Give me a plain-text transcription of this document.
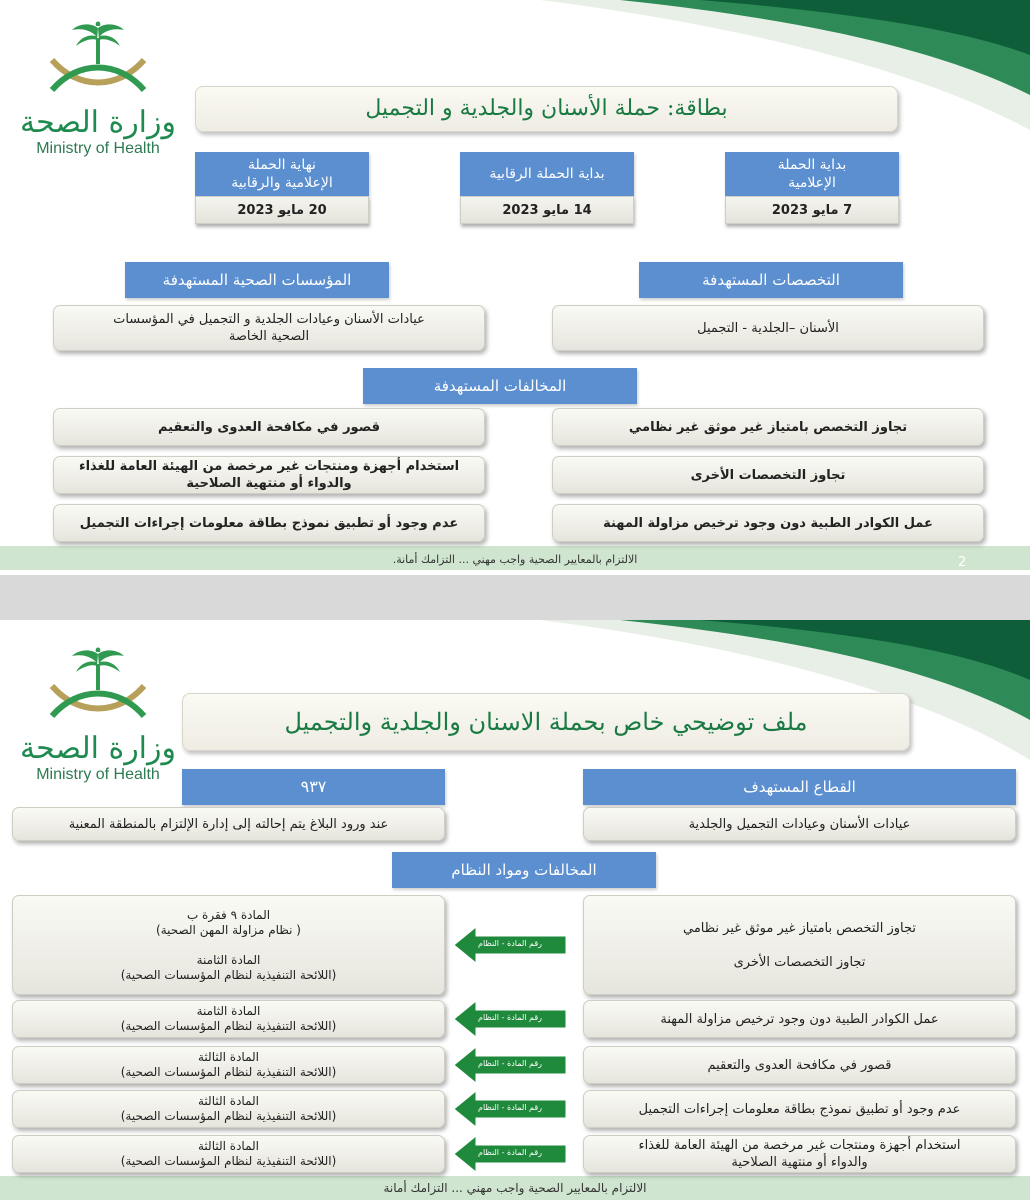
وزارة الصحة
Ministry of Health
بطاقة: حملة الأسنان والجلدية و التجميل
التخصصات المستهدفة
الأسنان –الجلدية - التجميل
المؤسسات الصحية المستهدفة
عيادات الأسنان وعيادات الجلدية و التجميل في المؤسسات
الصحية الخاصة
المخالفات المستهدفة
الالتزام بالمعايير الصحية واجب مهني ... التزامك أمانة.	2
بداية الحملة
الإعلامية
7 مايو 2023
بداية الحملة الرقابية
14 مايو 2023
نهاية الحملة
الإعلامية والرقابية
20 مايو 2023
تجاوز التخصص بامتياز غير موثق غير نظامي
تجاوز التخصصات الأخرى
عمل الكوادر الطبية دون وجود ترخيص مزاولة المهنة
قصور في مكافحة العدوى والتعقيم
استخدام أجهزة ومنتجات غير مرخصة من الهيئة العامة للغذاء
والدواء أو منتهية الصلاحية
عدم وجود أو تطبيق نموذج بطاقة معلومات إجراءات التجميل
وزارة الصحة
Ministry of Health
ملف توضيحي خاص بحملة الاسنان والجلدية والتجميل
القطاع المستهدف
عيادات الأسنان وعيادات التجميل والجلدية
٩٣٧
عند ورود البلاغ يتم إحالته إلى إدارة الإلتزام بالمنطقة المعنية
المخالفات ومواد النظام
الالتزام بالمعايير الصحية واجب مهني ... التزامك أمانة
تجاوز التخصص بامتياز غير موثق غير نظامي

تجاوز التخصصات الأخرى
المادة ٩ فقرة ب
( نظام مزاولة المهن الصحية)

المادة الثامنة
(اللائحة التنفيذية لنظام المؤسسات الصحية)
رقم المادة - النظام
عمل الكوادر الطبية دون وجود ترخيص مزاولة المهنة
المادة الثامنة
(اللائحة التنفيذية لنظام المؤسسات الصحية)
رقم المادة - النظام
قصور في مكافحة العدوى والتعقيم
المادة الثالثة
(اللائحة التنفيذية لنظام المؤسسات الصحية)
رقم المادة - النظام
عدم وجود أو تطبيق نموذج بطاقة معلومات إجراءات التجميل
المادة الثالثة
(اللائحة التنفيذية لنظام المؤسسات الصحية)
رقم المادة - النظام
استخدام أجهزة ومنتجات غير مرخصة من الهيئة العامة للغذاء
والدواء أو منتهية الصلاحية
المادة الثالثة
(اللائحة التنفيذية لنظام المؤسسات الصحية)
رقم المادة - النظام
